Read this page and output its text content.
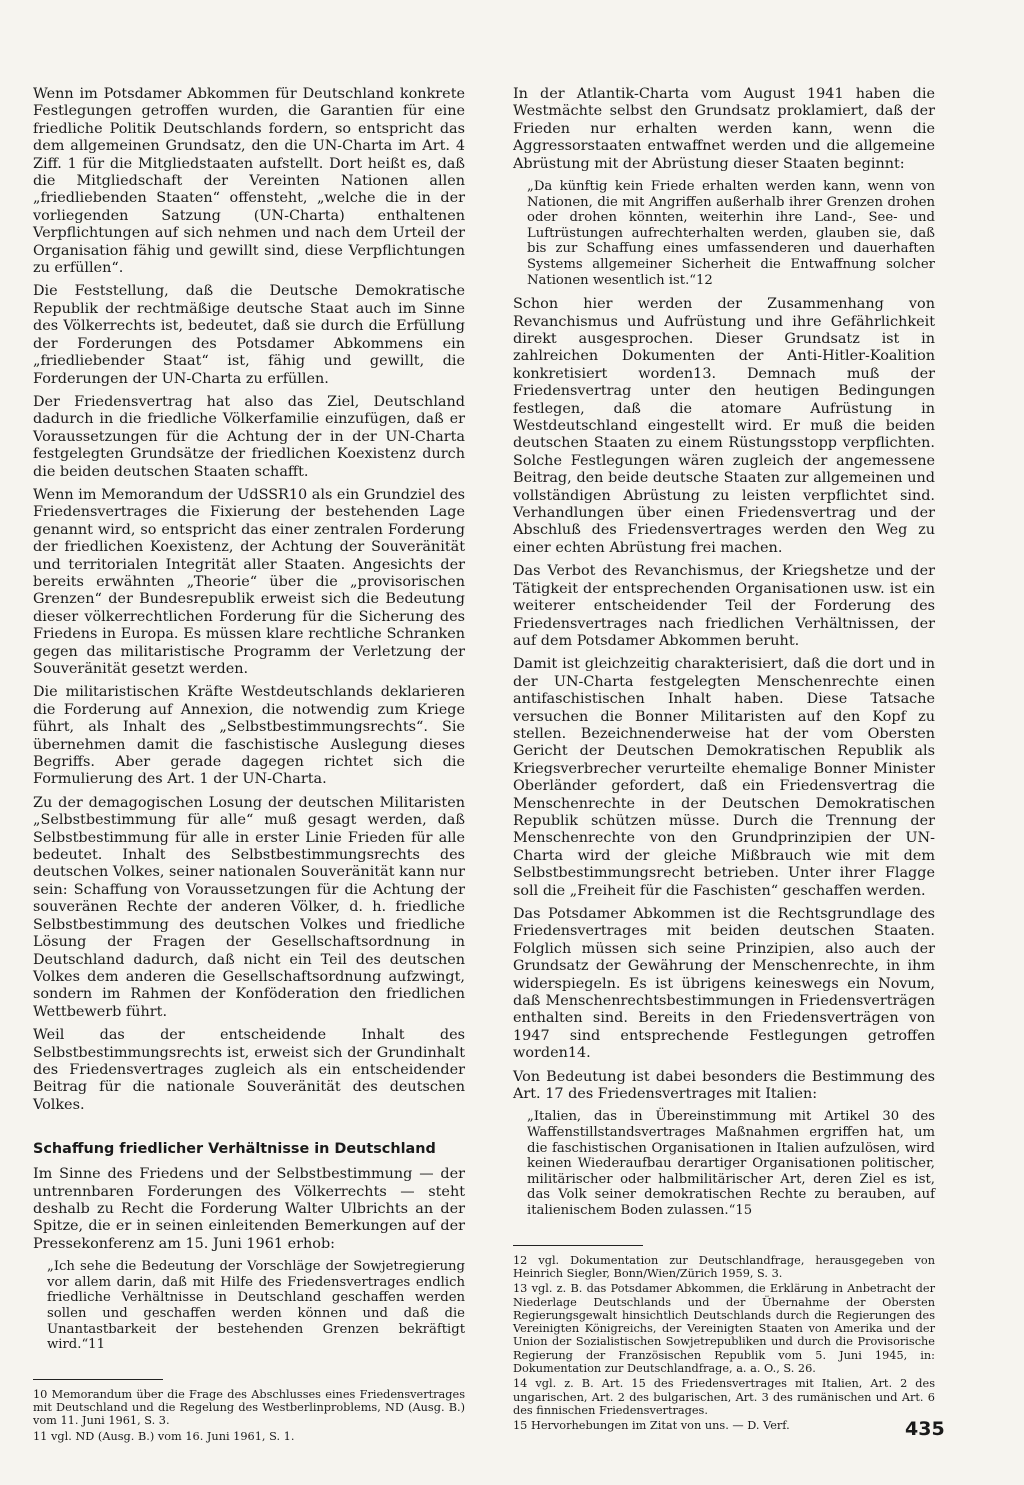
Wenn im Potsdamer Abkommen für Deutschland konkrete Festlegungen getroffen wurden, die Garantien für eine friedliche Politik Deutschlands fordern, so entspricht das dem allgemeinen Grundsatz, den die UN-Charta im Art. 4 Ziff. 1 für die Mitgliedstaaten aufstellt. Dort heißt es, daß die Mitgliedschaft der Vereinten Nationen allen „friedliebenden Staaten“ offensteht, „welche die in der vorliegenden Satzung (UN-Charta) enthaltenen Verpflichtungen auf sich nehmen und nach dem Urteil der Organisation fähig und gewillt sind, diese Verpflichtungen zu erfüllen“.

Die Feststellung, daß die Deutsche Demokratische Republik der rechtmäßige deutsche Staat auch im Sinne des Völkerrechts ist, bedeutet, daß sie durch die Erfüllung der Forderungen des Potsdamer Abkommens ein „friedliebender Staat“ ist, fähig und gewillt, die Forderungen der UN-Charta zu erfüllen.

Der Friedensvertrag hat also das Ziel, Deutschland dadurch in die friedliche Völkerfamilie einzufügen, daß er Voraussetzungen für die Achtung der in der UN-Charta festgelegten Grundsätze der friedlichen Koexistenz durch die beiden deutschen Staaten schafft.

Wenn im Memorandum der UdSSR10 als ein Grundziel des Friedensvertrages die Fixierung der bestehenden Lage genannt wird, so entspricht das einer zentralen Forderung der friedlichen Koexistenz, der Achtung der Souveränität und territorialen Integrität aller Staaten. Angesichts der bereits erwähnten „Theorie“ über die „provisorischen Grenzen“ der Bundesrepublik erweist sich die Bedeutung dieser völkerrechtlichen Forderung für die Sicherung des Friedens in Europa. Es müssen klare rechtliche Schranken gegen das militaristische Programm der Verletzung der Souveränität gesetzt werden.

Die militaristischen Kräfte Westdeutschlands deklarieren die Forderung auf Annexion, die notwendig zum Kriege führt, als Inhalt des „Selbstbestimmungsrechts“. Sie übernehmen damit die faschistische Auslegung dieses Begriffs. Aber gerade dagegen richtet sich die Formulierung des Art. 1 der UN-Charta.

Zu der demagogischen Losung der deutschen Militaristen „Selbstbestimmung für alle“ muß gesagt werden, daß Selbstbestimmung für alle in erster Linie Frieden für alle bedeutet. Inhalt des Selbstbestimmungsrechts des deutschen Volkes, seiner nationalen Souveränität kann nur sein: Schaffung von Voraussetzungen für die Achtung der souveränen Rechte der anderen Völker, d. h. friedliche Selbstbestimmung des deutschen Volkes und friedliche Lösung der Fragen der Gesellschaftsordnung in Deutschland dadurch, daß nicht ein Teil des deutschen Volkes dem anderen die Gesellschaftsordnung aufzwingt, sondern im Rahmen der Konföderation den friedlichen Wettbewerb führt.

Weil das der entscheidende Inhalt des Selbstbestimmungsrechts ist, erweist sich der Grundinhalt des Friedensvertrages zugleich als ein entscheidender Beitrag für die nationale Souveränität des deutschen Volkes.

Schaffung friedlicher Verhältnisse in Deutschland

Im Sinne des Friedens und der Selbstbestimmung — der untrennbaren Forderungen des Völkerrechts — steht deshalb zu Recht die Forderung Walter Ulbrichts an der Spitze, die er in seinen einleitenden Bemerkungen auf der Pressekonferenz am 15. Juni 1961 erhob:

„Ich sehe die Bedeutung der Vorschläge der Sowjetregierung vor allem darin, daß mit Hilfe des Friedensvertrages endlich friedliche Verhältnisse in Deutschland geschaffen werden sollen und geschaffen werden können und daß die Unantastbarkeit der bestehenden Grenzen bekräftigt wird.“11

10 Memorandum über die Frage des Abschlusses eines Friedensvertrages mit Deutschland und die Regelung des Westberlinproblems, ND (Ausg. B.) vom 11. Juni 1961, S. 3.

11 vgl. ND (Ausg. B.) vom 16. Juni 1961, S. 1.

In der Atlantik-Charta vom August 1941 haben die Westmächte selbst den Grundsatz proklamiert, daß der Frieden nur erhalten werden kann, wenn die Aggressorstaaten entwaffnet werden und die allgemeine Abrüstung mit der Abrüstung dieser Staaten beginnt:

„Da künftig kein Friede erhalten werden kann, wenn von Nationen, die mit Angriffen außerhalb ihrer Grenzen drohen oder drohen könnten, weiterhin ihre Land-, See- und Luftrüstungen aufrechterhalten werden, glauben sie, daß bis zur Schaffung eines umfassenderen und dauerhaften Systems allgemeiner Sicherheit die Entwaffnung solcher Nationen wesentlich ist.“12

Schon hier werden der Zusammenhang von Revanchismus und Aufrüstung und ihre Gefährlichkeit direkt ausgesprochen. Dieser Grundsatz ist in zahlreichen Dokumenten der Anti-Hitler-Koalition konkretisiert worden13. Demnach muß der Friedensvertrag unter den heutigen Bedingungen festlegen, daß die atomare Aufrüstung in Westdeutschland eingestellt wird. Er muß die beiden deutschen Staaten zu einem Rüstungsstopp verpflichten. Solche Festlegungen wären zugleich der angemessene Beitrag, den beide deutsche Staaten zur allgemeinen und vollständigen Abrüstung zu leisten verpflichtet sind. Verhandlungen über einen Friedensvertrag und der Abschluß des Friedensvertrages werden den Weg zu einer echten Abrüstung frei machen.

Das Verbot des Revanchismus, der Kriegshetze und der Tätigkeit der entsprechenden Organisationen usw. ist ein weiterer entscheidender Teil der Forderung des Friedensvertrages nach friedlichen Verhältnissen, der auf dem Potsdamer Abkommen beruht.

Damit ist gleichzeitig charakterisiert, daß die dort und in der UN-Charta festgelegten Menschenrechte einen antifaschistischen Inhalt haben. Diese Tatsache versuchen die Bonner Militaristen auf den Kopf zu stellen. Bezeichnenderweise hat der vom Obersten Gericht der Deutschen Demokratischen Republik als Kriegsverbrecher verurteilte ehemalige Bonner Minister Oberländer gefordert, daß ein Friedensvertrag die Menschenrechte in der Deutschen Demokratischen Republik schützen müsse. Durch die Trennung der Menschenrechte von den Grundprinzipien der UN-Charta wird der gleiche Mißbrauch wie mit dem Selbstbestimmungsrecht betrieben. Unter ihrer Flagge soll die „Freiheit für die Faschisten“ geschaffen werden.

Das Potsdamer Abkommen ist die Rechtsgrundlage des Friedensvertrages mit beiden deutschen Staaten. Folglich müssen sich seine Prinzipien, also auch der Grundsatz der Gewährung der Menschenrechte, in ihm widerspiegeln. Es ist übrigens keineswegs ein Novum, daß Menschenrechtsbestimmungen in Friedensverträgen enthalten sind. Bereits in den Friedensverträgen von 1947 sind entsprechende Festlegungen getroffen worden14.

Von Bedeutung ist dabei besonders die Bestimmung des Art. 17 des Friedensvertrages mit Italien:

„Italien, das in Übereinstimmung mit Artikel 30 des Waffenstillstandsvertrages Maßnahmen ergriffen hat, um die faschistischen Organisationen in Italien aufzulösen, wird keinen Wiederaufbau derartiger Organisationen politischer, militärischer oder halbmilitärischer Art, deren Ziel es ist, das Volk seiner demokratischen Rechte zu berauben, auf italienischem Boden zulassen.“15

12 vgl. Dokumentation zur Deutschlandfrage, herausgegeben von Heinrich Siegler, Bonn/Wien/Zürich 1959, S. 3.

13 vgl. z. B. das Potsdamer Abkommen, die Erklärung in Anbetracht der Niederlage Deutschlands und der Übernahme der Obersten Regierungsgewalt hinsichtlich Deutschlands durch die Regierungen des Vereinigten Königreichs, der Vereinigten Staaten von Amerika und der Union der Sozialistischen Sowjetrepubliken und durch die Provisorische Regierung der Französischen Republik vom 5. Juni 1945, in: Dokumentation zur Deutschlandfrage, a. a. O., S. 26.

14 vgl. z. B. Art. 15 des Friedensvertrages mit Italien, Art. 2 des ungarischen, Art. 2 des bulgarischen, Art. 3 des rumänischen und Art. 6 des finnischen Friedensvertrages.

15 Hervorhebungen im Zitat von uns. — D. Verf.	435
